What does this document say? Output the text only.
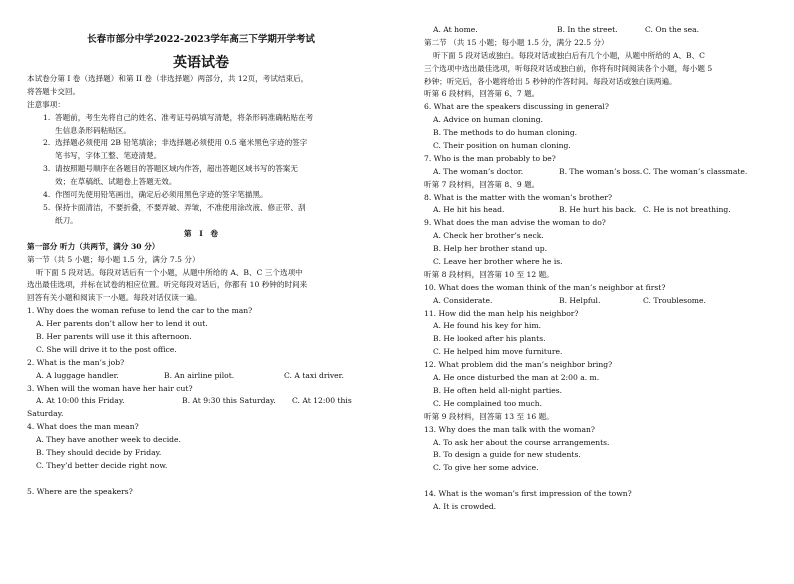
长春市部分中学2022-2023学年高三下学期开学考试
英语试卷
本试卷分第 I 卷（选择题）和第 II 卷（非选择题）两部分，共 12页，考试结束后，
将答题卡交回。
注意事项：
1. 答题前，考生先将自己的姓名、准考证号码填写清楚，将条形码准确粘贴在考
生信息条形码粘贴区。
2. 选择题必须使用 2B 铅笔填涂；非选择题必须使用 0.5 毫米黑色字迹的签字
笔书写，字体工整、笔迹清楚。
3. 请按照题号顺序在各题目的答题区域内作答，超出答题区域书写的答案无
效；在草稿纸、试题卷上答题无效。
4. 作图可先使用铅笔画出，确定后必须用黑色字迹的签字笔描黑。
5. 保持卡面清洁，不要折叠，不要弄破、弄皱，不准使用涂改液、修正带、刮
纸刀。
第　I　卷
第一部分 听力（共两节，满分 30 分）
第一节（共 5 小题；每小题 1.5 分，满分 7.5 分）
听下面 5 段对话。每段对话后有一个小题，从题中所给的 A、B、C 三个选项中
选出最佳选项，并标在试卷的相应位置。听完每段对话后，你都有 10 秒钟的时间来
回答有关小题和阅读下一小题。每段对话仅读一遍。
1. Why does the woman refuse to lend the car to the man?
A. Her parents don’t allow her to lend it out.
B. Her parents will use it this afternoon.
C. She will drive it to the post office.
2. What is the man’s job?
A. A luggage handler.	B. An airline pilot.	C. A taxi driver.
3. When will the woman have her hair cut?
A. At 10:00 this Friday.	B. At 9:30 this Saturday.	C. At 12:00 this
Saturday.
4. What does the man mean?
A. They have another week to decide.
B. They should decide by Friday.
C. They’d better decide right now.
5. Where are the speakers?
A. At home.	B. In the street.	C. On the sea.
第二节 （共 15 小题；每小题 1.5 分，满分 22.5 分）
听下面 5 段对话或独白。每段对话或独白后有几个小题，从题中所给的 A、B、C
三个选项中选出最佳选项，听每段对话或独白前，你将有时间阅读各个小题，每小题 5
秒钟；听完后，各小题将给出 5 秒钟的作答时间。每段对话或独白读两遍。
听第 6 段材料，回答第 6、7 题。
6. What are the speakers discussing in general?
A. Advice on human cloning.
B. The methods to do human cloning.
C. Their position on human cloning.
7. Who is the man probably to be?
A. The woman’s doctor.	B. The woman’s boss. C. The woman’s classmate.
听第 7 段材料，回答第 8、9 题。
8. What is the matter with the woman’s brother?
A. He hit his head.	B. He hurt his back. C. He is not breathing.
9. What does the man advise the woman to do?
A. Check her brother’s neck.
B. Help her brother stand up.
C. Leave her brother where he is.
听第 8 段材料，回答第 10 至 12 题。
10. What does the woman think of the man’s neighbor at first?
A. Considerate.	B. Helpful.	C. Troublesome.
11. How did the man help his neighbor?
A. He found his key for him.
B. He looked after his plants.
C. He helped him move furniture.
12. What problem did the man’s neighbor bring?
A. He once disturbed the man at 2:00 a. m.
B. He often held all-night parties.
C. He complained too much.
听第 9 段材料，回答第 13 至 16 题。
13. Why does the man talk with the woman?
A. To ask her about the course arrangements.
B. To design a guide for new students.
C. To give her some advice.
14. What is the woman’s first impression of the town?
A. It is crowded.
